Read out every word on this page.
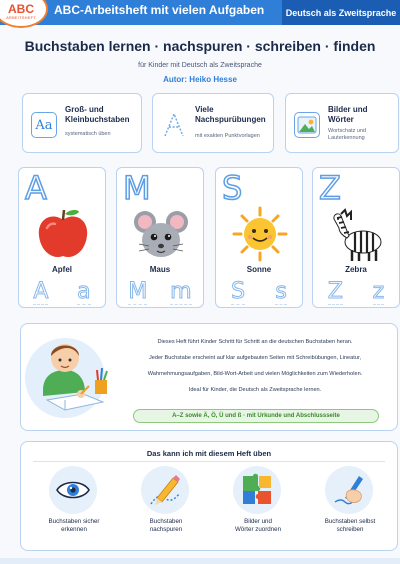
ABC
ARBEITSHEFT ABC-Arbeitsheft mit vielen Aufgaben	Deutsch als Zweitsprache
Buchstaben lernen · nachspuren · schreiben · finden
für Kinder mit Deutsch als Zweitsprache
Autor: Heiko Hesse
Aa
Groß- und
Kleinbuchstaben
systematisch üben
Viele
Nachspurübungen
mit exakten Punktvorlagen
Bilder und
Wörter
Wortschatz und
Lauterkennung
A
Apfel
A a
M
Maus
M m
S
Sonne
S s
Z
Zebra
Z z

Dieses Heft führt Kinder Schritt für Schritt an die deutschen Buchstaben heran.

Jeder Buchstabe erscheint auf klar aufgebauten Seiten mit Schreibübungen, Lineatur,

Wahrnehmungsaufgaben, Bild-Wort-Arbeit und vielen Möglichkeiten zum Wiederholen.

Ideal für Kinder, die Deutsch als Zweitsprache lernen.

A–Z sowie Ä, Ö, Ü und ß · mit Urkunde und Abschlussseite
Das kann ich mit diesem Heft üben
Buchstaben sicher
erkennen
Buchstaben
nachspuren
Bilder und
Wörter zuordnen
Buchstaben selbst
schreiben
